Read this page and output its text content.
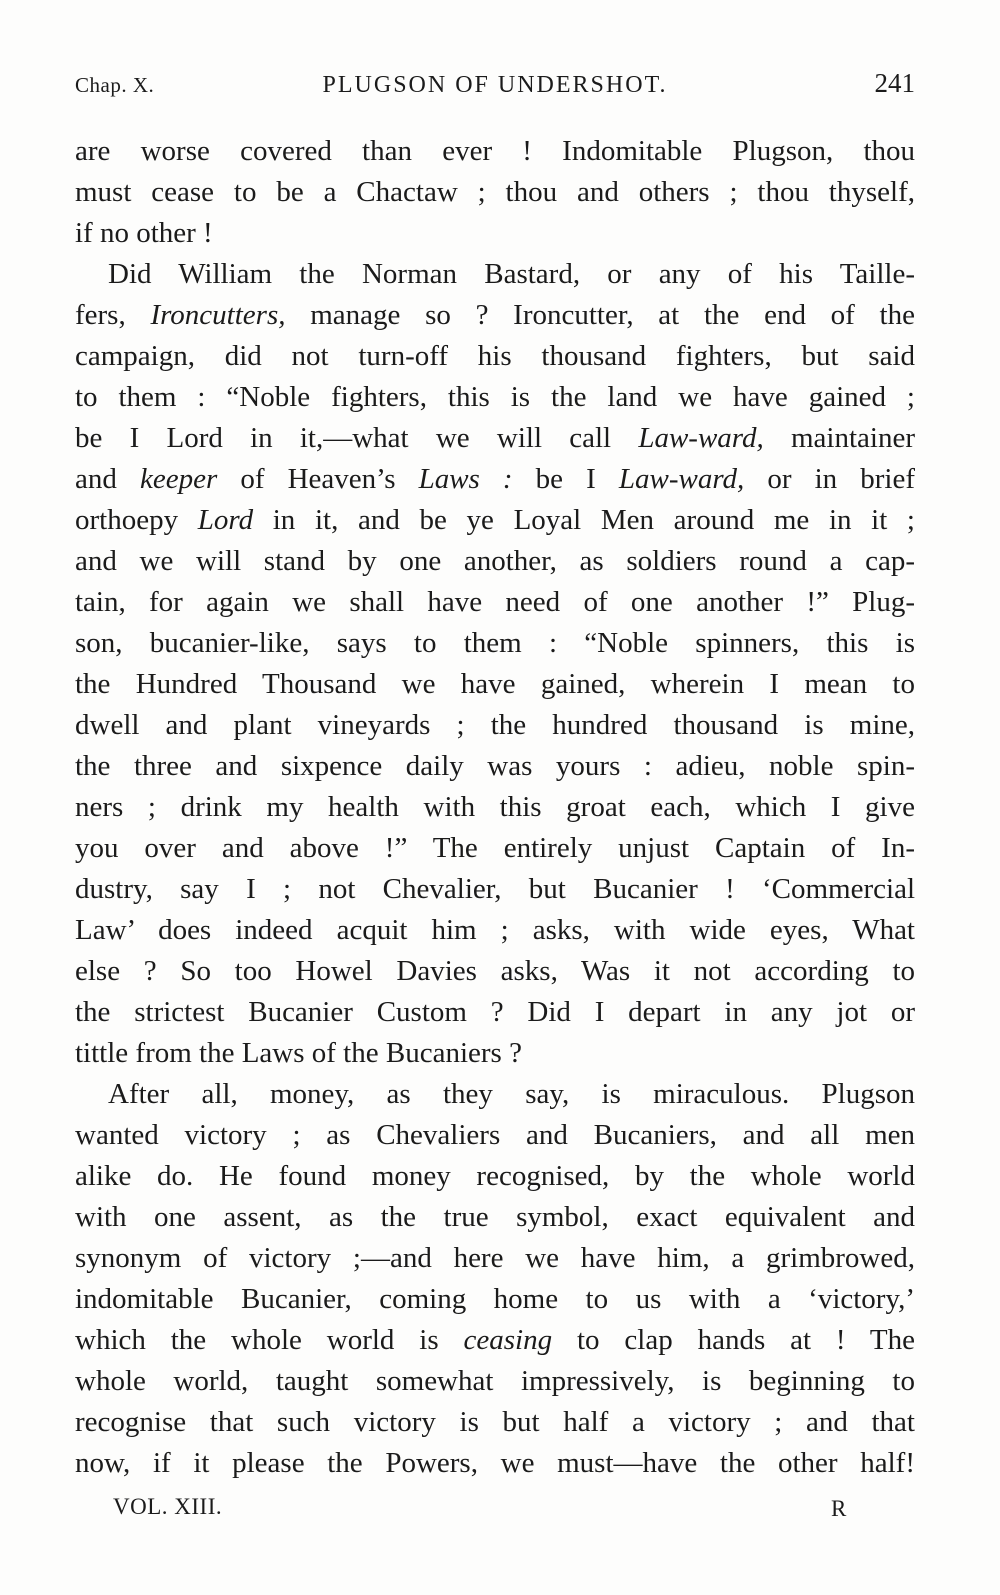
Chap. X.	PLUGSON OF UNDERSHOT.	241
are worse covered than ever ! Indomitable Plugson, thou
must cease to be a Chactaw ; thou and others ; thou thyself,
if no other !
Did William the Norman Bastard, or any of his Taille-
fers, Ironcutters, manage so ? Ironcutter, at the end of the
campaign, did not turn-off his thousand fighters, but said
to them : “Noble fighters, this is the land we have gained ;
be I Lord in it,—what we will call Law-ward, maintainer
and keeper of Heaven’s Laws : be I Law-ward, or in brief
orthoepy Lord in it, and be ye Loyal Men around me in it ;
and we will stand by one another, as soldiers round a cap-
tain, for again we shall have need of one another !” Plug-
son, bucanier-like, says to them : “Noble spinners, this is
the Hundred Thousand we have gained, wherein I mean to
dwell and plant vineyards ; the hundred thousand is mine,
the three and sixpence daily was yours : adieu, noble spin-
ners ; drink my health with this groat each, which I give
you over and above !” The entirely unjust Captain of In-
dustry, say I ; not Chevalier, but Bucanier ! ‘Commercial
Law’ does indeed acquit him ; asks, with wide eyes, What
else ? So too Howel Davies asks, Was it not according to
the strictest Bucanier Custom ? Did I depart in any jot or
tittle from the Laws of the Bucaniers ?
After all, money, as they say, is miraculous. Plugson
wanted victory ; as Chevaliers and Bucaniers, and all men
alike do. He found money recognised, by the whole world
with one assent, as the true symbol, exact equivalent and
synonym of victory ;—and here we have him, a grimbrowed,
indomitable Bucanier, coming home to us with a ‘victory,’
which the whole world is ceasing to clap hands at ! The
whole world, taught somewhat impressively, is beginning to
recognise that such victory is but half a victory ; and that
now, if it please the Powers, we must—have the other half!
VOL. XIII.	R
